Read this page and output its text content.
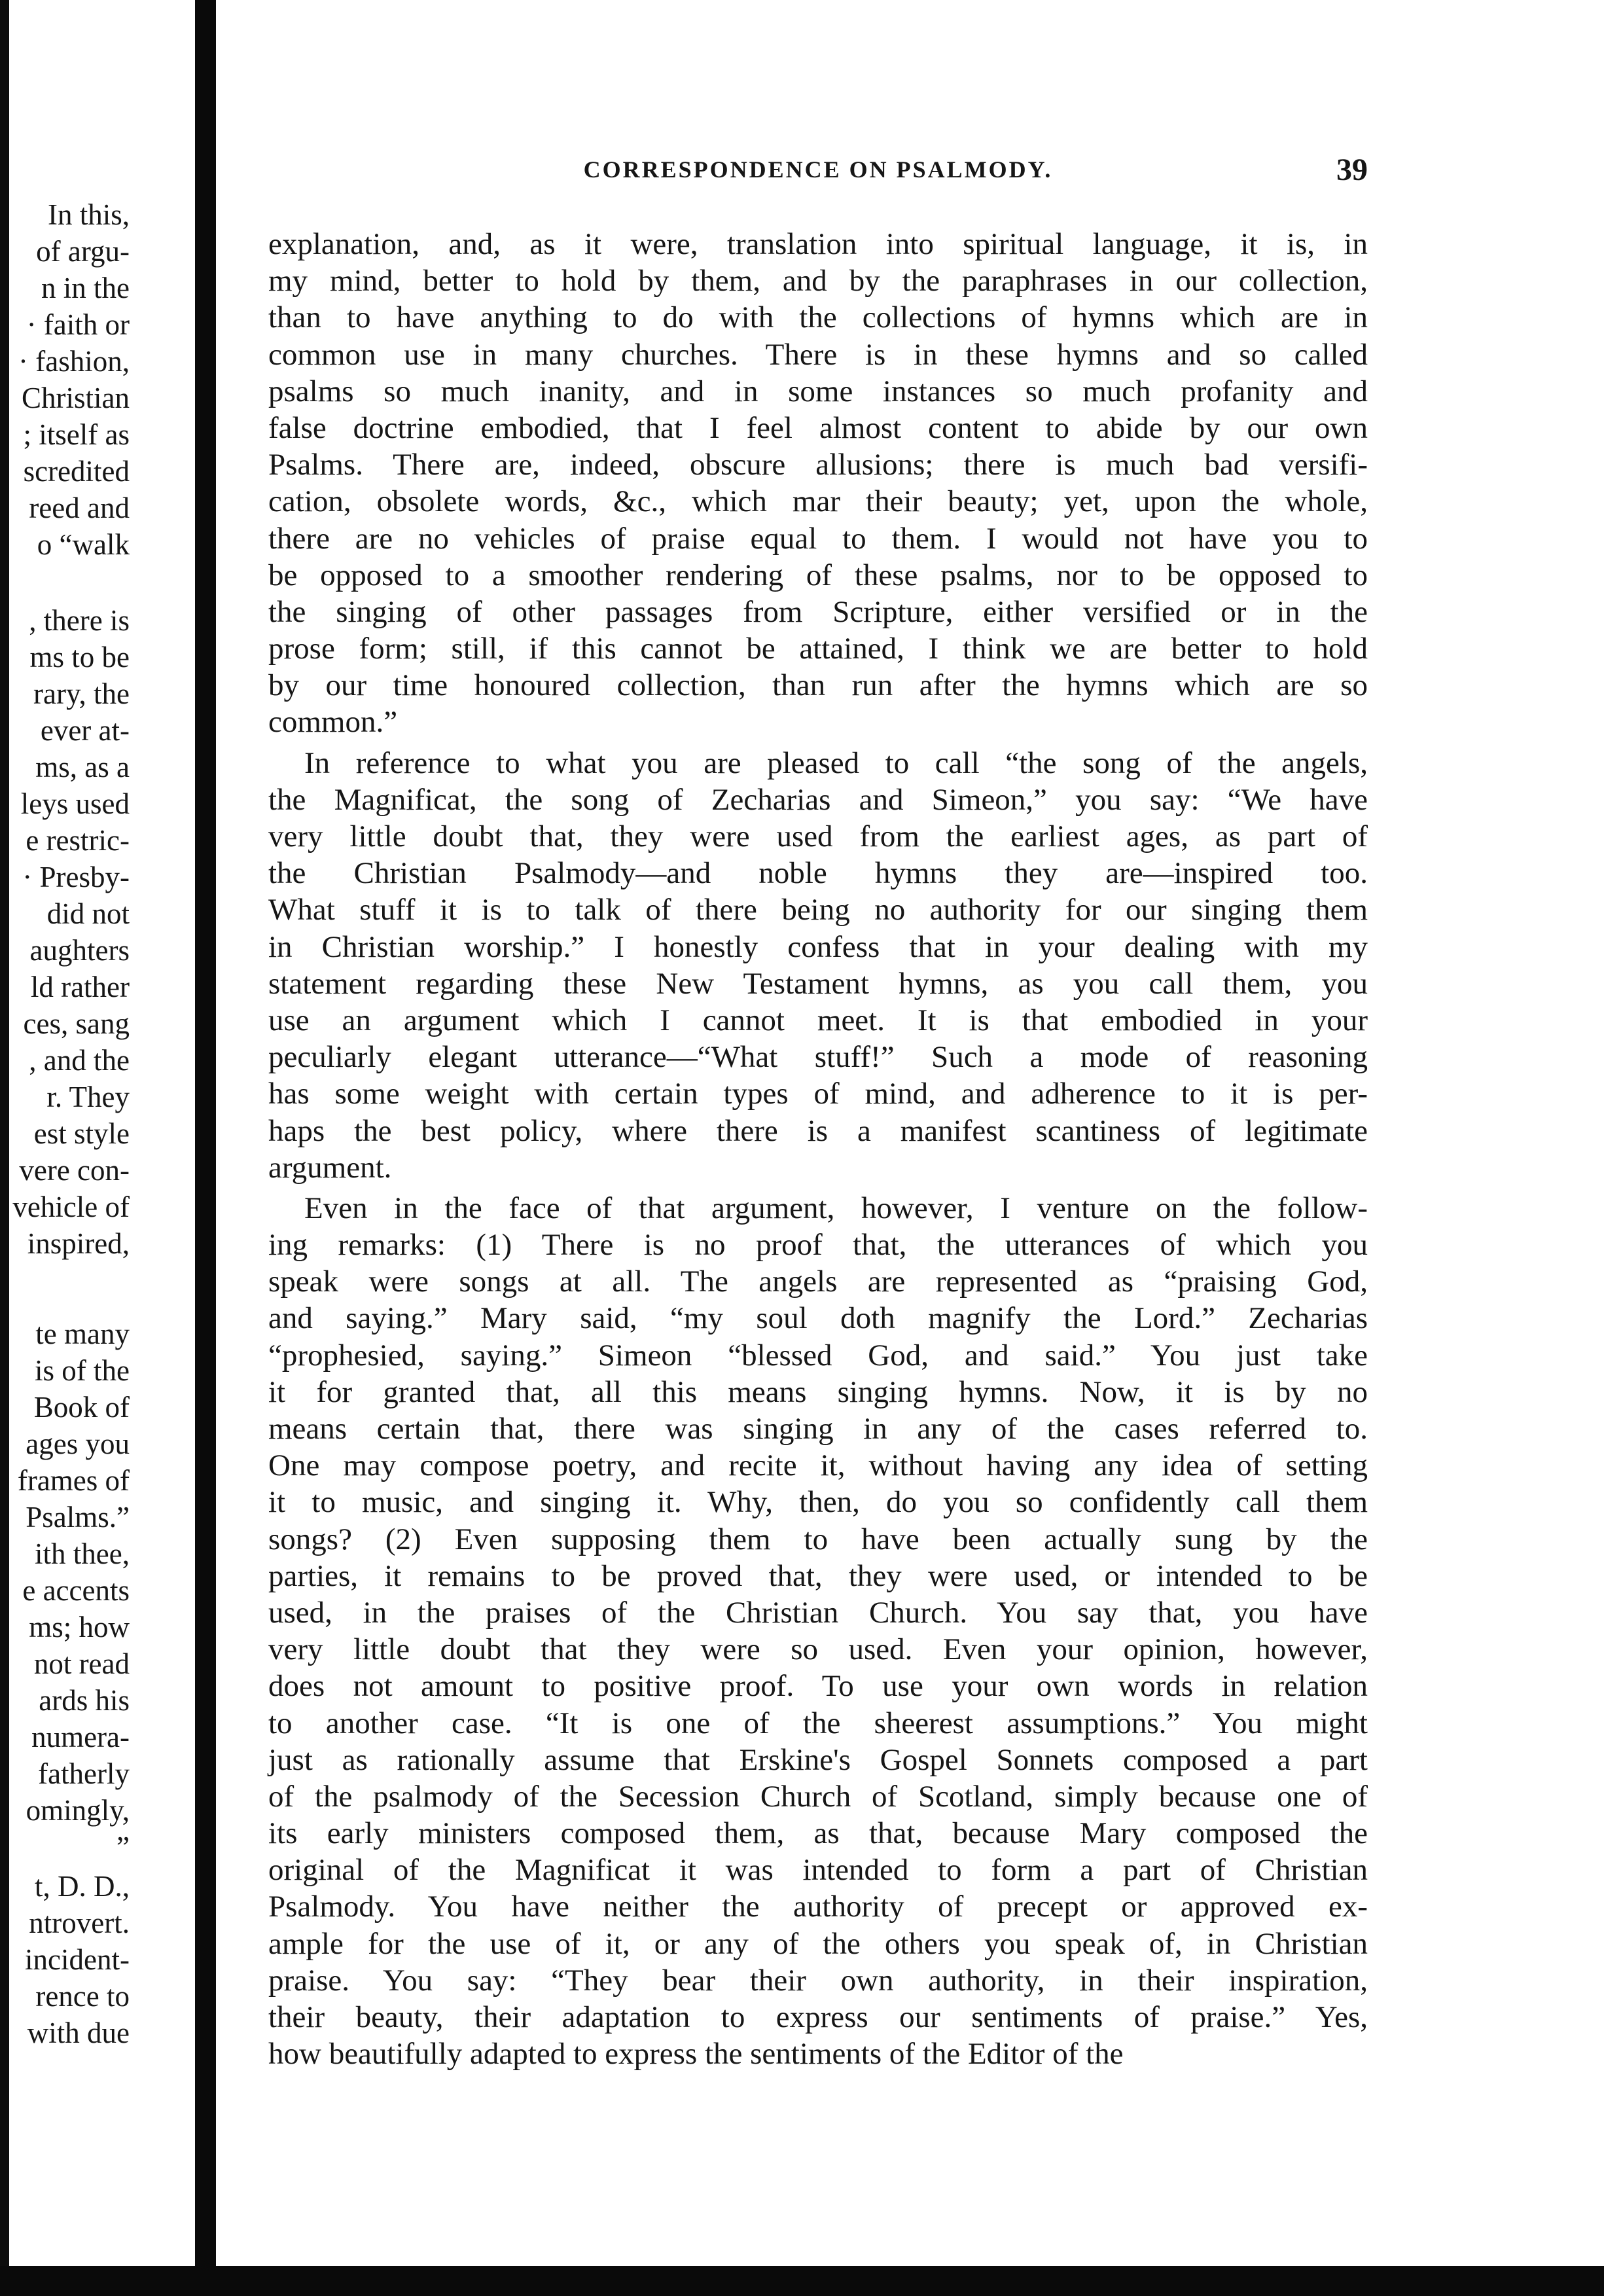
In this,
of argu-
n in the
· faith or
· fashion,
Christian
; itself as
scredited
reed and
o “walk
, there is
ms to be
rary, the
ever at-
ms, as a
leys used
e restric-
· Presby-
did not
aughters
ld rather
ces, sang
, and the
r. They
est style
vere con-
vehicle of
inspired,
te many
is of the
Book of
ages you
frames of
Psalms.”
ith thee,
e accents
ms; how
not read
ards his
numera-
fatherly
omingly,
”
t, D. D.,
ntrovert.
incident-
rence to
with due
CORRESPONDENCE ON PSALMODY.	39
explanation, and, as it were, translation into spiritual language, it is, in
my mind, better to hold by them, and by the paraphrases in our collection,
than to have anything to do with the collections of hymns which are in
common use in many churches. There is in these hymns and so called
psalms so much inanity, and in some instances so much profanity and
false doctrine embodied, that I feel almost content to abide by our own
Psalms. There are, indeed, obscure allusions; there is much bad versifi-
cation, obsolete words, &c., which mar their beauty; yet, upon the whole,
there are no vehicles of praise equal to them. I would not have you to
be opposed to a smoother rendering of these psalms, nor to be opposed to
the singing of other passages from Scripture, either versified or in the
prose form; still, if this cannot be attained, I think we are better to hold
by our time honoured collection, than run after the hymns which are so
common.”
In reference to what you are pleased to call “the song of the angels,
the Magnificat, the song of Zecharias and Simeon,” you say: “We have
very little doubt that, they were used from the earliest ages, as part of
the Christian Psalmody—and noble hymns they are—inspired too.
What stuff it is to talk of there being no authority for our singing them
in Christian worship.” I honestly confess that in your dealing with my
statement regarding these New Testament hymns, as you call them, you
use an argument which I cannot meet. It is that embodied in your
peculiarly elegant utterance—“What stuff!” Such a mode of reasoning
has some weight with certain types of mind, and adherence to it is per-
haps the best policy, where there is a manifest scantiness of legitimate
argument.
Even in the face of that argument, however, I venture on the follow-
ing remarks: (1) There is no proof that, the utterances of which you
speak were songs at all. The angels are represented as “praising God,
and saying.” Mary said, “my soul doth magnify the Lord.” Zecharias
“prophesied, saying.” Simeon “blessed God, and said.” You just take
it for granted that, all this means singing hymns. Now, it is by no
means certain that, there was singing in any of the cases referred to.
One may compose poetry, and recite it, without having any idea of setting
it to music, and singing it. Why, then, do you so confidently call them
songs? (2) Even supposing them to have been actually sung by the
parties, it remains to be proved that, they were used, or intended to be
used, in the praises of the Christian Church. You say that, you have
very little doubt that they were so used. Even your opinion, however,
does not amount to positive proof. To use your own words in relation
to another case. “It is one of the sheerest assumptions.” You might
just as rationally assume that Erskine's Gospel Sonnets composed a part
of the psalmody of the Secession Church of Scotland, simply because one of
its early ministers composed them, as that, because Mary composed the
original of the Magnificat it was intended to form a part of Christian
Psalmody. You have neither the authority of precept or approved ex-
ample for the use of it, or any of the others you speak of, in Christian
praise. You say: “They bear their own authority, in their inspiration,
their beauty, their adaptation to express our sentiments of praise.” Yes,
how beautifully adapted to express the sentiments of the Editor of the
